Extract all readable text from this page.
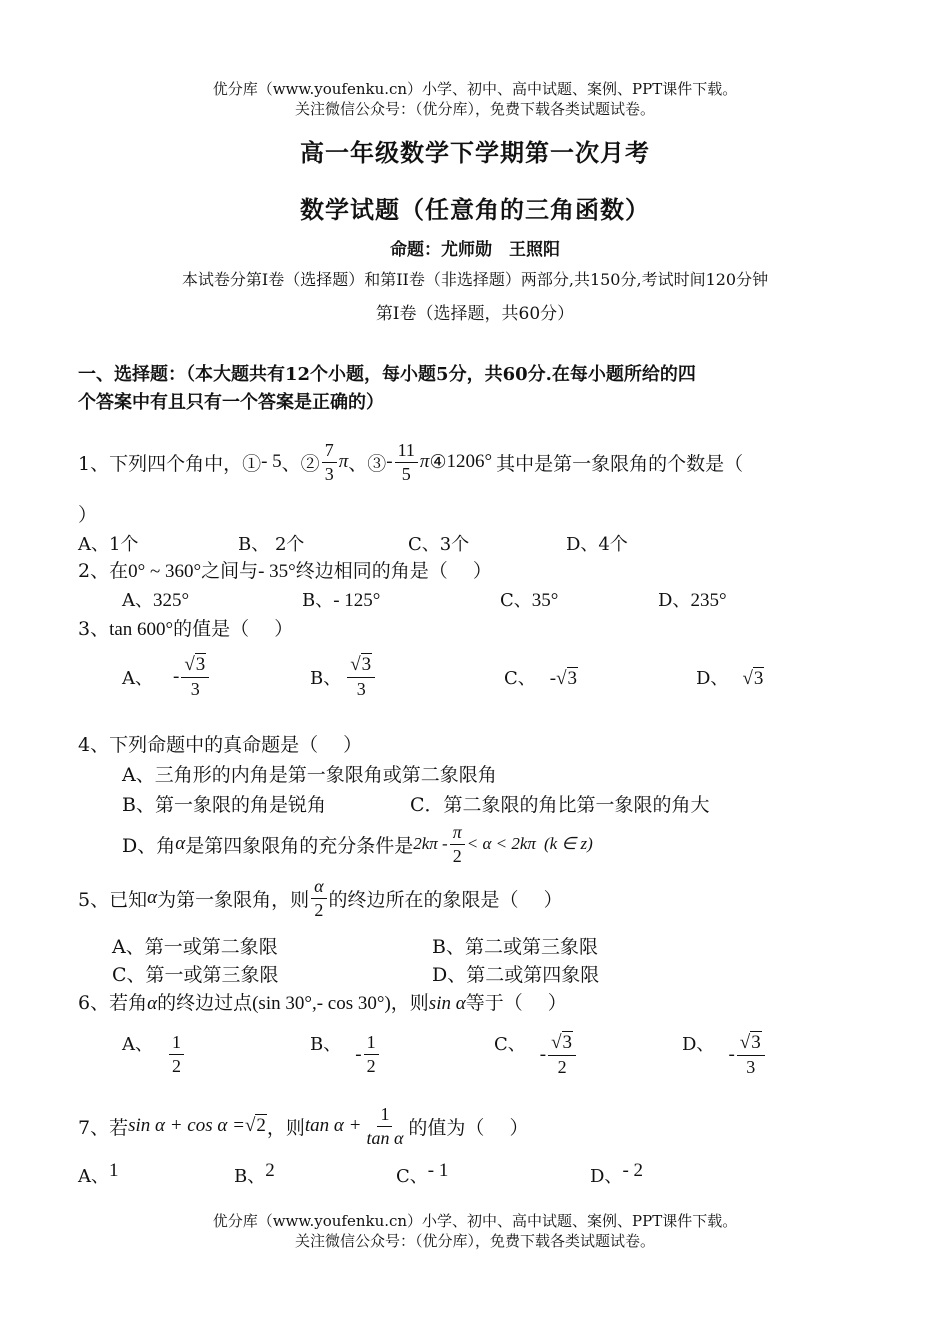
优分库（www.youfenku.cn）小学、初中、高中试题、案例、PPT课件下载。
关注微信公众号：（优分库），免费下载各类试题试卷。
高一年级数学下学期第一次月考
数学试题（任意角的三角函数）
命题：尤师勋　王照阳
本试卷分第I卷（选择题）和第II卷（非选择题）两部分,共150分,考试时间120分钟
第Ⅰ卷（选择题，共60分）
一、选择题：（本大题共有12个小题，每小题5分，共60分.在每小题所给的四
个答案中有且只有一个答案是正确的）
1、下列四个角中，① - 5 、② $\frac{7}{3}$ π 、③ - $\frac{11}{5}$ π ④ 1206° 其中是第一象限角的个数是（
）
A、1个	B、 2个	C、3个	D、4个
2、在0° ~ 360°之间与- 35°终边相同的角是（　 ）
A、325°	B、- 125°	C、35°	D、235°
3、tan 600°的值是（　 ）
A、 - $\frac{√3}{3}$	B、 $\frac{√3}{3}$	C、 -√3	D、 √3
4、下列命题中的真命题是（　 ）
A、三角形的内角是第一象限角或第二象限角
B、第一象限的角是锐角	C．第二象限的角比第一象限的角大
D、角 α 是第四象限角的充分条件是 $2k\pi - \frac{\pi}{2} < \alpha < 2k\pi$ (k ∈ z)
5、已知 α 为第一象限角，则 $\frac{\alpha}{2}$ 的终边所在的象限是（　 ）
A、第一或第二象限	B、第二或第三象限
C、第一或第三象限	D、第二或第四象限
6、若角α的终边过点(sin 30°,- cos 30°)，则sin α等于（　 ）
A、 $\frac{1}{2}$	B、 - $\frac{1}{2}$	C、 - $\frac{√3}{2}$	D、 - $\frac{√3}{3}$
7、若 sin α + cos α = √2 ，则 $\tan \alpha + \frac{1}{\text{tan α}}$ 的值为（　 ）
A、1	B、2	C、- 1	D、- 2
优分库（www.youfenku.cn）小学、初中、高中试题、案例、PPT课件下载。
关注微信公众号：（优分库），免费下载各类试题试卷。
